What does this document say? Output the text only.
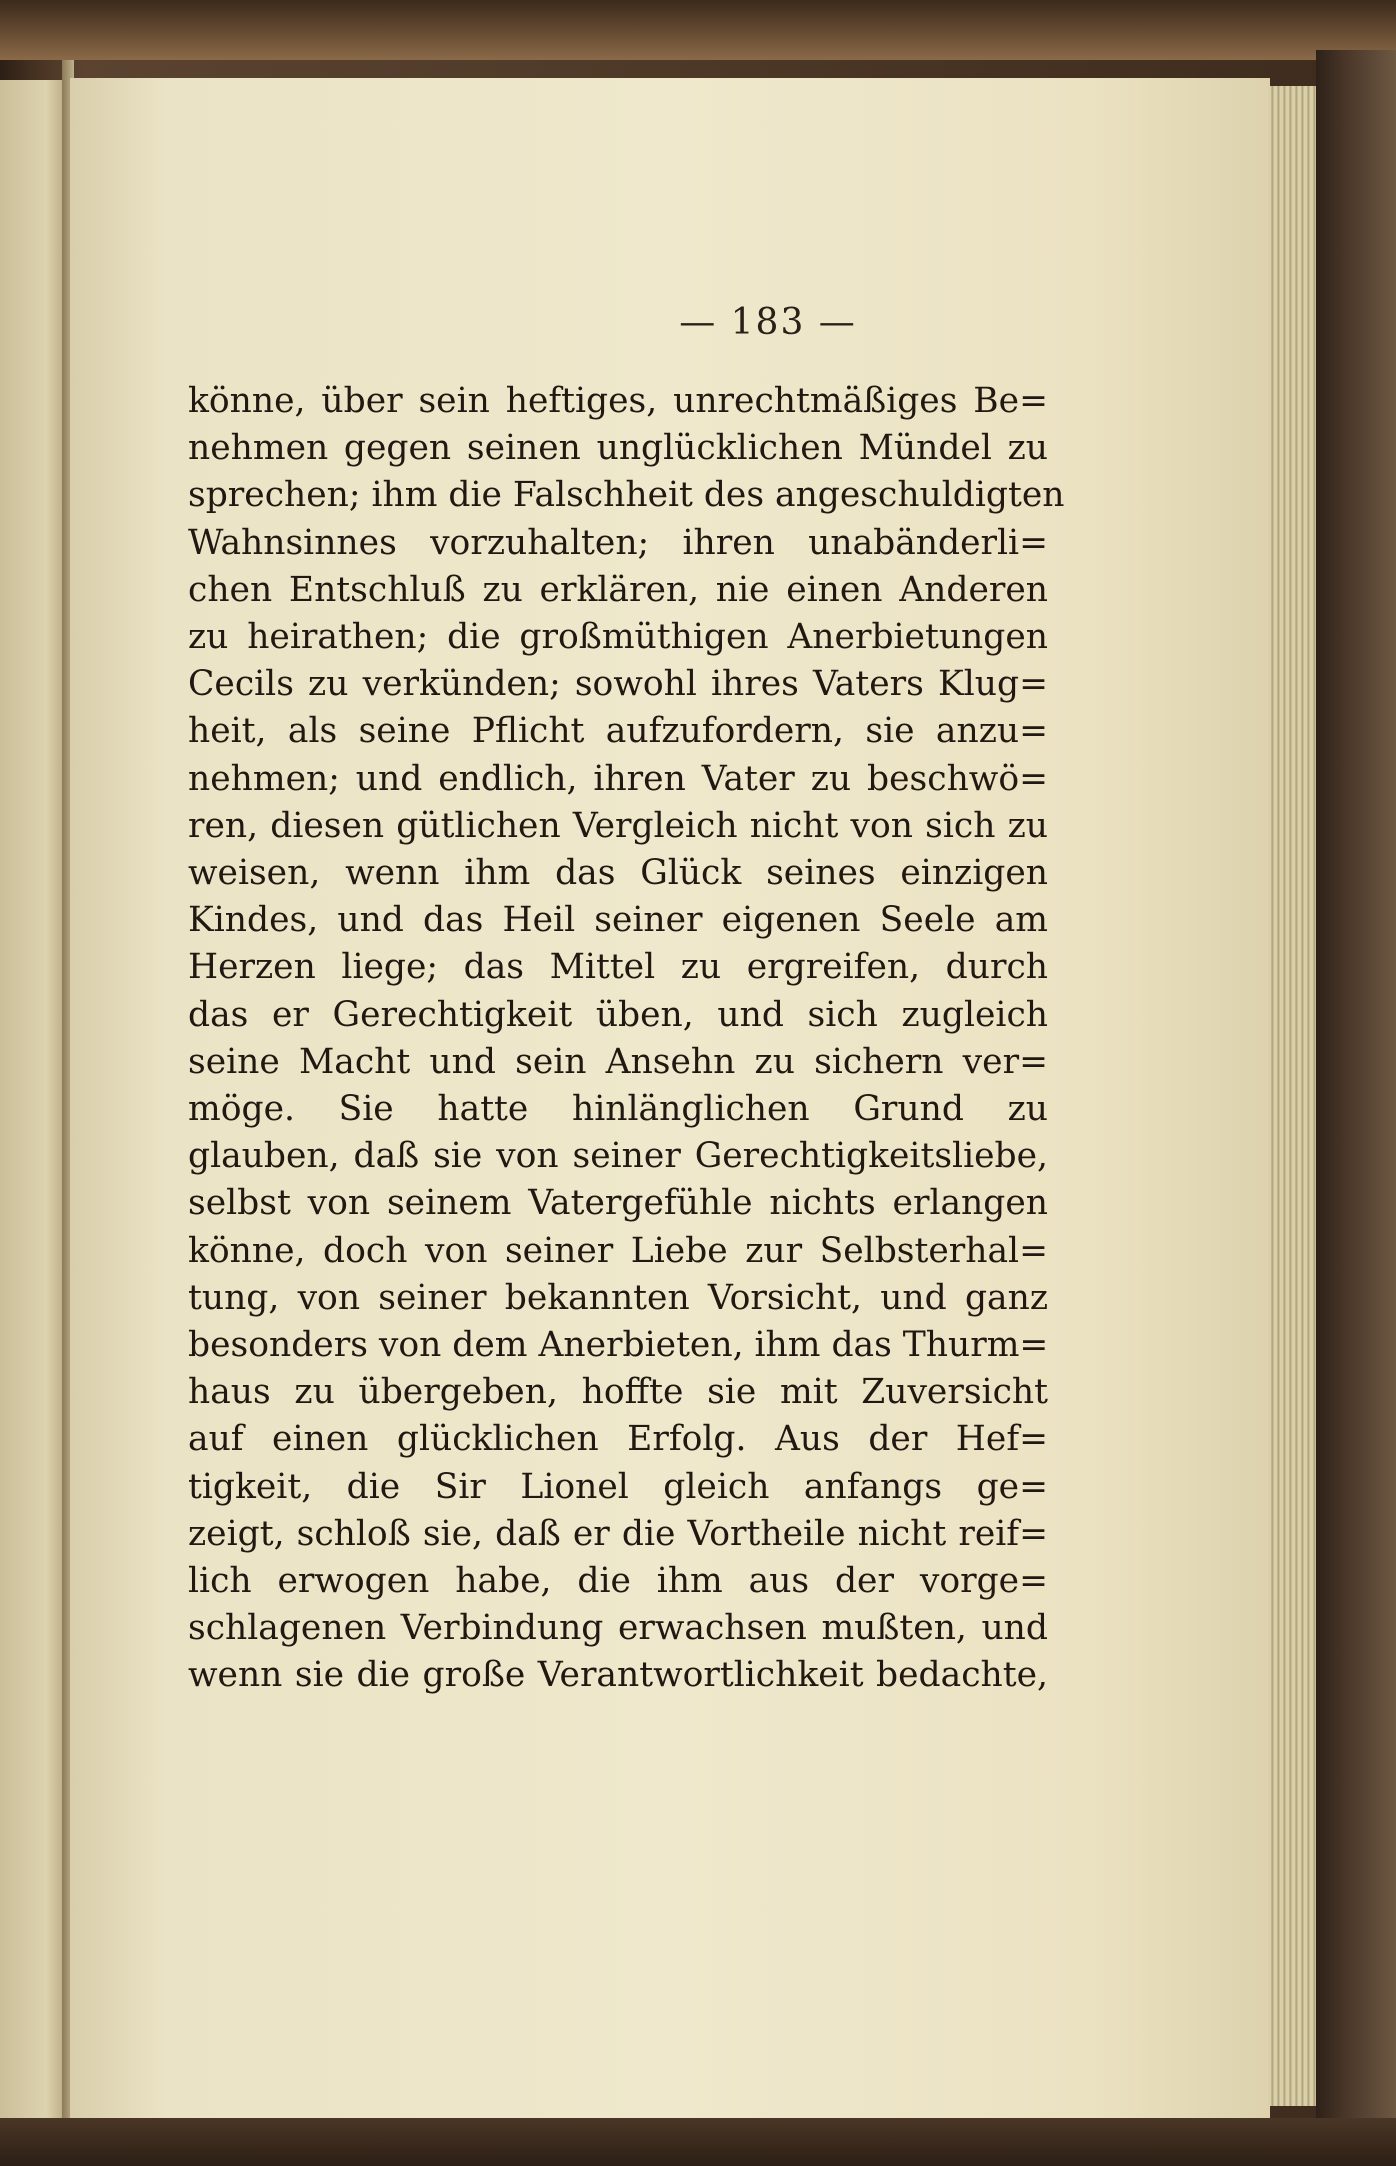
— 183 —
könne, über sein heftiges, unrechtmäßiges Be=
nehmen gegen seinen unglücklichen Mündel zu
sprechen; ihm die Falschheit des angeschuldigten
Wahnsinnes vorzuhalten; ihren unabänderli=
chen Entschluß zu erklären, nie einen Anderen
zu heirathen; die großmüthigen Anerbietungen
Cecils zu verkünden; sowohl ihres Vaters Klug=
heit, als seine Pflicht aufzufordern, sie anzu=
nehmen; und endlich, ihren Vater zu beschwö=
ren, diesen gütlichen Vergleich nicht von sich zu
weisen, wenn ihm das Glück seines einzigen
Kindes, und das Heil seiner eigenen Seele am
Herzen liege; das Mittel zu ergreifen, durch
das er Gerechtigkeit üben, und sich zugleich
seine Macht und sein Ansehn zu sichern ver=
möge. Sie hatte hinlänglichen Grund zu
glauben, daß sie von seiner Gerechtigkeitsliebe,
selbst von seinem Vatergefühle nichts erlangen
könne, doch von seiner Liebe zur Selbsterhal=
tung, von seiner bekannten Vorsicht, und ganz
besonders von dem Anerbieten, ihm das Thurm=
haus zu übergeben, hoffte sie mit Zuversicht
auf einen glücklichen Erfolg. Aus der Hef=
tigkeit, die Sir Lionel gleich anfangs ge=
zeigt, schloß sie, daß er die Vortheile nicht reif=
lich erwogen habe, die ihm aus der vorge=
schlagenen Verbindung erwachsen mußten, und
wenn sie die große Verantwortlichkeit bedachte,
